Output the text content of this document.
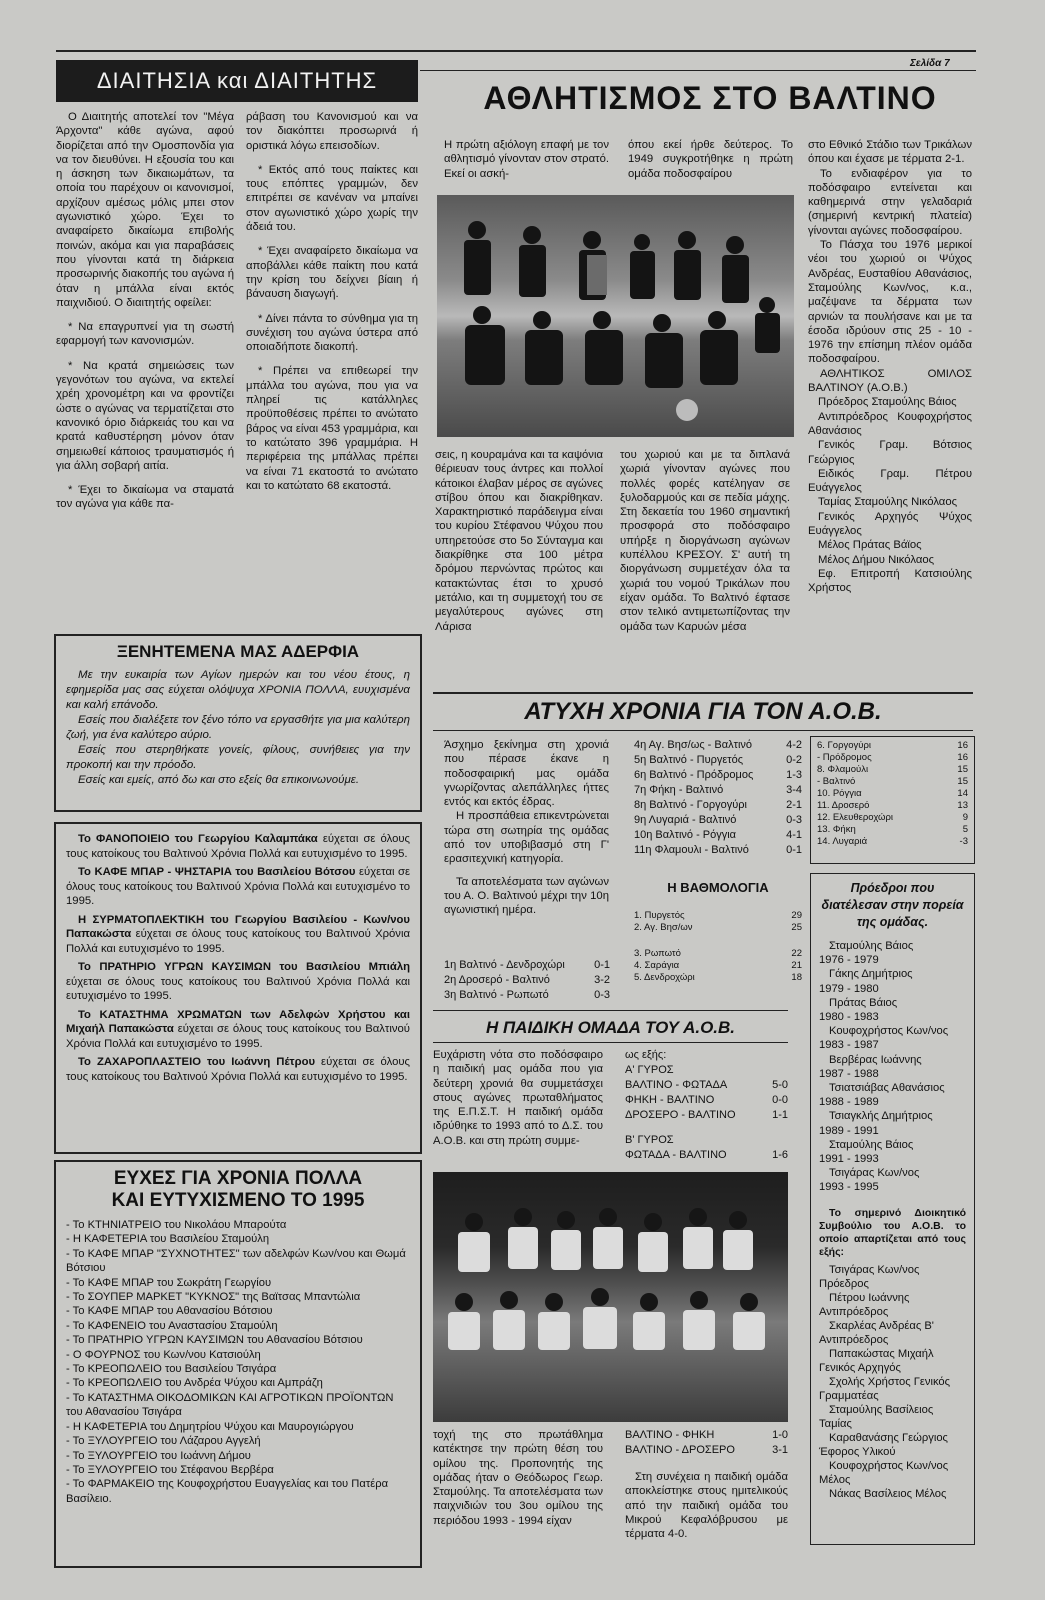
Σελίδα 7
ΔΙΑΙΤΗΣΙΑ και ΔΙΑΙΤΗΤΗΣ

Ο Διαιτητής αποτελεί τον "Μέγα Άρχοντα" κάθε αγώνα, αφού διορίζεται από την Ομοσπονδία για να τον διευθύνει. Η εξουσία του και η άσκηση των δικαιωμάτων, τα οποία του παρέχουν οι κανονισμοί, αρχίζουν αμέσως μόλις μπει στον αγωνιστικό χώρο. Έχει το αναφαίρετο δικαίωμα επιβολής ποινών, ακόμα και για παραβάσεις που γίνονται κατά τη διάρκεια προσωρινής διακοπής του αγώνα ή όταν η μπάλλα είναι εκτός παιχνιδιού. Ο διαιτητής οφείλει:

* Να επαγρυπνεί για τη σωστή εφαρμογή των κανονισμών.

* Να κρατά σημειώσεις των γεγονότων του αγώνα, να εκτελεί χρέη χρονομέτρη και να φροντίζει ώστε ο αγώνας να τερματίζεται στο κανονικό όριο διάρκειάς του και να κρατά καθυστέρηση μόνον όταν σημειωθεί κάποιος τραυματισμός ή για άλλη σοβαρή αιτία.

* Έχει το δικαίωμα να σταματά τον αγώνα για κάθε πα-

ράβαση του Κανονισμού και να τον διακόπτει προσωρινά ή οριστικά λόγω επεισοδίων.

* Εκτός από τους παίκτες και τους επόπτες γραμμών, δεν επιτρέπει σε κανέναν να μπαίνει στον αγωνιστικό χώρο χωρίς την άδειά του.

* Έχει αναφαίρετο δικαίωμα να αποβάλλει κάθε παίκτη που κατά την κρίση του δείχνει βίαιη ή βάναυση διαγωγή.

* Δίνει πάντα το σύνθημα για τη συνέχιση του αγώνα ύστερα από οποιαδήποτε διακοπή.

* Πρέπει να επιθεωρεί την μπάλλα του αγώνα, που για να πληρεί τις κατάλληλες προϋποθέσεις πρέπει το ανώτατο βάρος να είναι 453 γραμμάρια, και το κατώτατο 396 γραμμάρια. Η περιφέρεια της μπάλλας πρέπει να είναι 71 εκατοστά το ανώτατο και το κατώτατο 68 εκατοστά.

ΞΕΝΗΤΕΜΕΝΑ ΜΑΣ ΑΔΕΡΦΙΑ
Με την ευκαιρία των Αγίων ημερών και του νέου έτους, η εφημερίδα μας σας εύχεται ολόψυχα ΧΡΟΝΙΑ ΠΟΛΛΑ, ευυχισμένα και καλή επάνοδο.
Εσείς που διαλέξετε τον ξένο τόπο να εργασθήτε για μια καλύτερη ζωή, για ένα καλύτερο αύριο.
Εσείς που στερηθήκατε γονείς, φίλους, συνήθειες για την προκοπή και την πρόοδο.
Εσείς και εμείς, από δω και στο εξείς θα επικοινωνούμε.
Το ΦΑΝΟΠΟΙΕΙΟ του Γεωργίου Καλαμπάκα εύχεται σε όλους τους κατοίκους του Βαλτινού Χρόνια Πολλά και ευτυχισμένο το 1995.
Το ΚΑΦΕ ΜΠΑΡ - ΨΗΣΤΑΡΙΑ του Βασιλείου Βότσου εύχεται σε όλους τους κατοίκους του Βαλτινού Χρόνια Πολλά και ευτυχισμένο το 1995.
Η ΣΥΡΜΑΤΟΠΛΕΚΤΙΚΗ του Γεωργίου Βασιλείου - Κων/νου Παπακώστα εύχεται σε όλους τους κατοίκους του Βαλτινού Χρόνια Πολλά και ευτυχισμένο το 1995.
Το ΠΡΑΤΗΡΙΟ ΥΓΡΩΝ ΚΑΥΣΙΜΩΝ του Βασιλείου Μπιάλη εύχεται σε όλους τους κατοίκους του Βαλτινού Χρόνια Πολλά και ευτυχισμένο το 1995.
Το ΚΑΤΑΣΤΗΜΑ ΧΡΩΜΑΤΩΝ των Αδελφών Χρήστου και Μιχαήλ Παπακώστα εύχεται σε όλους τους κατοίκους του Βαλτινού Χρόνια Πολλά και ευτυχισμένο το 1995.
Το ΖΑΧΑΡΟΠΛΑΣΤΕΙΟ του Ιωάννη Πέτρου εύχεται σε όλους τους κατοίκους του Βαλτινού Χρόνια Πολλά και ευτυχισμένο το 1995.
ΕΥΧΕΣ ΓΙΑ ΧΡΟΝΙΑ ΠΟΛΛΑ
ΚΑΙ ΕΥΤΥΧΙΣΜΕΝΟ ΤΟ 1995
- Το ΚΤΗΝΙΑΤΡΕΙΟ του Νικολάου Μπαρούτα
- Η ΚΑΦΕΤΕΡΙΑ του Βασιλείου Σταμούλη
- Το ΚΑΦΕ ΜΠΑΡ "ΣΥΧΝΟΤΗΤΕΣ" των αδελφών Κων/νου και Θωμά Βότσιου
- Το ΚΑΦΕ ΜΠΑΡ του Σωκράτη Γεωργίου
- Το ΣΟΥΠΕΡ ΜΑΡΚΕΤ "ΚΥΚΝΟΣ" της Βαϊτσας Μπαντώλια
- Το ΚΑΦΕ ΜΠΑΡ του Αθανασίου Βότσιου
- Το ΚΑΦΕΝΕΙΟ του Αναστασίου Σταμούλη
- Το ΠΡΑΤΗΡΙΟ ΥΓΡΩΝ ΚΑΥΣΙΜΩΝ του Αθανασίου Βότσιου
- Ο ΦΟΥΡΝΟΣ του Κων/νου Κατσιούλη
- Το ΚΡΕΟΠΩΛΕΙΟ του Βασιλείου Τσιγάρα
- Το ΚΡΕΟΠΩΛΕΙΟ του Ανδρέα Ψύχου και Αμπράζη
- Το ΚΑΤΑΣΤΗΜΑ ΟΙΚΟΔΟΜΙΚΩΝ ΚΑΙ ΑΓΡΟΤΙΚΩΝ ΠΡΟΪΟΝΤΩΝ του Αθανασίου Τσιγάρα
- Η ΚΑΦΕΤΕΡΙΑ του Δημητρίου Ψύχου και Μαυρογιώργου
- Το ΞΥΛΟΥΡΓΕΙΟ του Λάζαρου Αγγελή
- Το ΞΥΛΟΥΡΓΕΙΟ του Ιωάννη Δήμου
- Το ΞΥΛΟΥΡΓΕΙΟ του Στέφανου Βερβέρα
- Το ΦΑΡΜΑΚΕΙΟ της Κουφοχρήστου Ευαγγελίας και του Πατέρα Βασίλειο.
ΑΘΛΗΤΙΣΜΟΣ ΣΤΟ ΒΑΛΤΙΝΟ
Η πρώτη αξιόλογη επαφή με τον αθλητισμό γίνονταν στον στρατό. Εκεί οι ασκή-
όπου εκεί ήρθε δεύτερος. Το 1949 συγκροτήθηκε η πρώτη ομάδα ποδοσφαίρου
σεις, η κουραμάνα και τα καψόνια θέριευαν τους άντρες και πολλοί κάτοικοι έλαβαν μέρος σε αγώνες στίβου όπου και διακρίθηκαν. Χαρακτηριστικό παράδειγμα είναι του κυρίου Στέφανου Ψύχου που υπηρετούσε στο 5ο Σύνταγμα και διακρίθηκε στα 100 μέτρα δρόμου περνώντας πρώτος και κατακτώντας έτσι το χρυσό μετάλιο, και τη συμμετοχή του σε μεγαλύτερους αγώνες στη Λάρισα
του χωριού και με τα διπλανά χωριά γίνονταν αγώνες που πολλές φορές κατέληγαν σε ξυλοδαρμούς και σε πεδία μάχης. Στη δεκαετία του 1960 σημαντική προσφορά στο ποδόσφαιρο υπήρξε η διοργάνωση αγώνων κυπέλλου ΚΡΕΣΟΥ. Σ' αυτή τη διοργάνωση συμμετέχαν όλα τα χωριά του νομού Τρικάλων που είχαν ομάδα. Το Βαλτινό έφτασε στον τελικό αντιμετωπίζοντας την ομάδα των Καρυών μέσα

στο Εθνικό Στάδιο των Τρικάλων όπου και έχασε με τέρματα 2-1.

Το ενδιαφέρον για το ποδόσφαιρο εντείνεται και καθημερινά στην γελαδαριά (σημερινή κεντρική πλατεία) γίνονται αγώνες ποδοσφαίρου.

Το Πάσχα του 1976 μερικοί νέοι του χωριού οι Ψύχος Ανδρέας, Ευσταθίου Αθανάσιος, Σταμούλης Κων/νος, κ.α., μαζέψανε τα δέρματα των αρνιών τα πουλήσανε και με τα έσοδα ιδρύουν στις 25 - 10 - 1976 την επίσημη πλέον ομάδα ποδοσφαίρου.

ΑΘΛΗΤΙΚΟΣ ΟΜΙΛΟΣ ΒΑΛΤΙΝΟΥ (Α.Ο.Β.)

Πρόεδρος Σταμούλης Βάιος
Αντιπρόεδρος Κουφοχρήστος Αθανάσιος
Γενικός Γραμ. Βότσιος Γεώργιος
Ειδικός Γραμ. Πέτρου Ευάγγελος
Ταμίας Σταμούλης Νικόλαος
Γενικός Αρχηγός Ψύχος Ευάγγελος
Μέλος Πράτας Βάϊος
Μέλος Δήμου Νικόλαος
Εφ. Επιτροπή Κατσιούλης Χρήστος
ΑΤΥΧΗ ΧΡΟΝΙΑ ΓΙΑ ΤΟΝ Α.Ο.Β.

Άσχημο ξεκίνημα στη χρονιά που πέρασε έκανε η ποδοσφαιρική μας ομάδα γνωρίζοντας αλεπάλληλες ήττες εντός και εκτός έδρας.

Η προσπάθεια επικεντρώνεται τώρα στη σωτηρία της ομάδας από τον υποβιβασμό στη Γ' ερασιτεχνική κατηγορία.

Τα αποτελέσματα των αγώνων του Α. Ο. Βαλτινού μέχρι την 10η αγωνιστική ημέρα.

1η Βαλτινό - Δενδροχώρι	0-1
2η Δροσερό - Βαλτινό	3-2
3η Βαλτινό - Ρωπωτό	0-3
4η Αγ. Βησ/ως - Βαλτινό	4-2
5η Βαλτινό - Πυργετός	0-2
6η Βαλτινό - Πρόδρομος	1-3
7η Φήκη - Βαλτινό	3-4
8η Βαλτινό - Γοργογύρι	2-1
9η Λυγαριά - Βαλτινό	0-3
10η Βαλτινό - Ρόγγια	4-1
11η Φλαμουλι - Βαλτινό	0-1
Η ΒΑΘΜΟΛΟΓΙΑ
1. Πυργετός	29
2. Αγ. Βησ/ων	25
3. Ρωπωτό	22
4. Σαράγια	21
5. Δενδροχώρι	18
6. Γοργογύρι	16
- Πρόδρομος	16
8. Φλαμούλι	15
- Βαλτινό	15
10. Ρόγγια	14
11. Δροσερό	13
12. Ελευθεροχώρι	9
13. Φήκη	5
14. Λυγαριά	-3
Πρόεδροι που διατέλεσαν στην πορεία της ομάδας.
Σταμούλης Βάιος
1976 - 1979
Γάκης Δημήτριος
1979 - 1980
Πράτας Βάιος
1980 - 1983
Κουφοχρήστος Κων/νος
1983 - 1987
Βερβέρας Ιωάννης
1987 - 1988
Τσιατσιάβας Αθανάσιος
1988 - 1989
Τσιαγκλής Δημήτριος
1989 - 1991
Σταμούλης Βάιος
1991 - 1993
Τσιγάρας Κων/νος
1993 - 1995
Το σημερινό Διοικητικό Συμβούλιο του Α.Ο.Β. το οποίο απαρτίζεται από τους εξής:
Τσιγάρας Κων/νος Πρόεδρος
Πέτρου Ιωάννης Αντιπρόεδρος
Σκαρλέας Ανδρέας Β' Αντιπρόεδρος
Παπακώστας Μιχαήλ Γενικός Αρχηγός
Σχολής Χρήστος Γενικός Γραμματέας
Σταμούλης Βασίλειος Ταμίας
Καραθανάσης Γεώργιος Έφορος Υλικού
Κουφοχρήστος Κων/νος Μέλος
Νάκας Βασίλειος Μέλος
Η ΠΑΙΔΙΚΗ ΟΜΑΔΑ ΤΟΥ Α.Ο.Β.
Ευχάριστη νότα στο ποδόσφαιρο η παιδική μας ομάδα που για δεύτερη χρονιά θα συμμετάσχει στους αγώνες πρωταθλήματος της Ε.Π.Σ.Τ. Η παιδική ομάδα ιδρύθηκε το 1993 από το Δ.Σ. του Α.Ο.Β. και στη πρώτη συμμε-
ως εξής:
Α' ΓΥΡΟΣ
ΒΑΛΤΙΝΟ - ΦΩΤΑΔΑ	5-0
ΦΗΚΗ - ΒΑΛΤΙΝΟ	0-0
ΔΡΟΣΕΡΟ - ΒΑΛΤΙΝΟ	1-1
Β' ΓΥΡΟΣ
ΦΩΤΑΔΑ - ΒΑΛΤΙΝΟ	1-6
τοχή της στο πρωτάθλημα κατέκτησε την πρώτη θέση του ομίλου της. Προπονητής της ομάδας ήταν ο Θεόδωρος Γεωρ. Σταμούλης. Τα αποτελέσματα των παιχνιδιών του 3ου ομίλου της περιόδου 1993 - 1994 είχαν
ΒΑΛΤΙΝΟ - ΦΗΚΗ	1-0
ΒΑΛΤΙΝΟ - ΔΡΟΣΕΡΟ	3-1
Στη συνέχεια η παιδική ομάδα αποκλείστηκε στους ημιτελικούς από την παιδική ομάδα του Μικρού Κεφαλόβρυσου με τέρματα 4-0.
